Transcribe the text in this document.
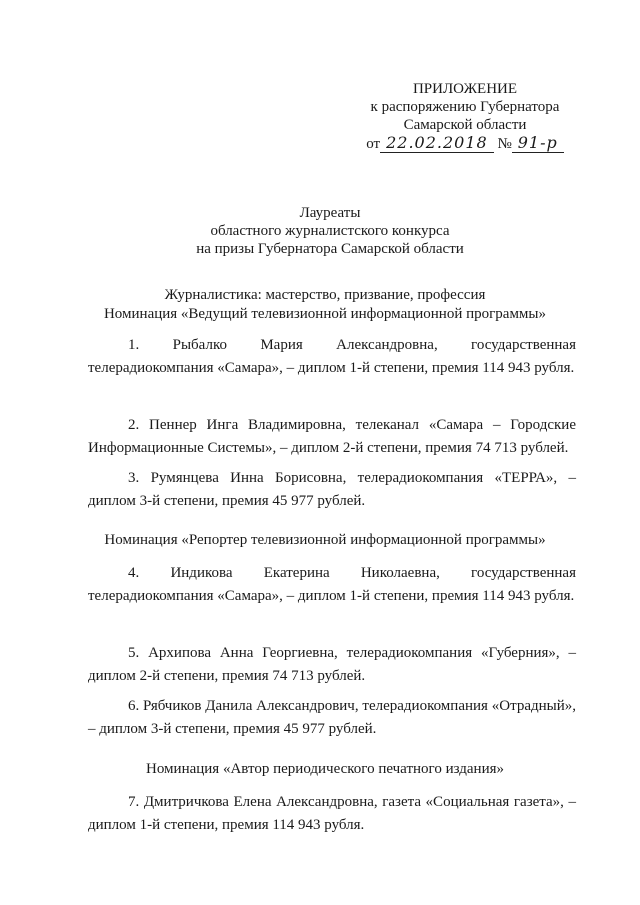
ПРИЛОЖЕНИЕ
к распоряжению Губернатора
Самарской области
от 22.02.2018 № 91-р
Лауреаты
областного журналистского конкурса
на призы Губернатора Самарской области
Журналистика: мастерство, призвание, профессия
Номинация «Ведущий телевизионной информационной программы»

1. Рыбалко Мария Александровна, государственная телерадиокомпания «Самара», – диплом 1-й степени, премия 114 943 рубля.

2. Пеннер Инга Владимировна, телеканал «Самара – Городские Информационные Системы», – диплом 2-й степени, премия 74 713 рублей.

3. Румянцева Инна Борисовна, телерадиокомпания «ТЕРРА», – диплом 3-й степени, премия 45 977 рублей.

Номинация «Репортер телевизионной информационной программы»

4. Индикова Екатерина Николаевна, государственная телерадиокомпания «Самара», – диплом 1-й степени, премия 114 943 рубля.

5. Архипова Анна Георгиевна, телерадиокомпания «Губерния», – диплом 2-й степени, премия 74 713 рублей.

6. Рябчиков Данила Александрович, телерадиокомпания «Отрадный», – диплом 3-й степени, премия 45 977 рублей.

Номинация «Автор периодического печатного издания»

7. Дмитричкова Елена Александровна, газета «Социальная газета», – диплом 1-й степени, премия 114 943 рубля.
